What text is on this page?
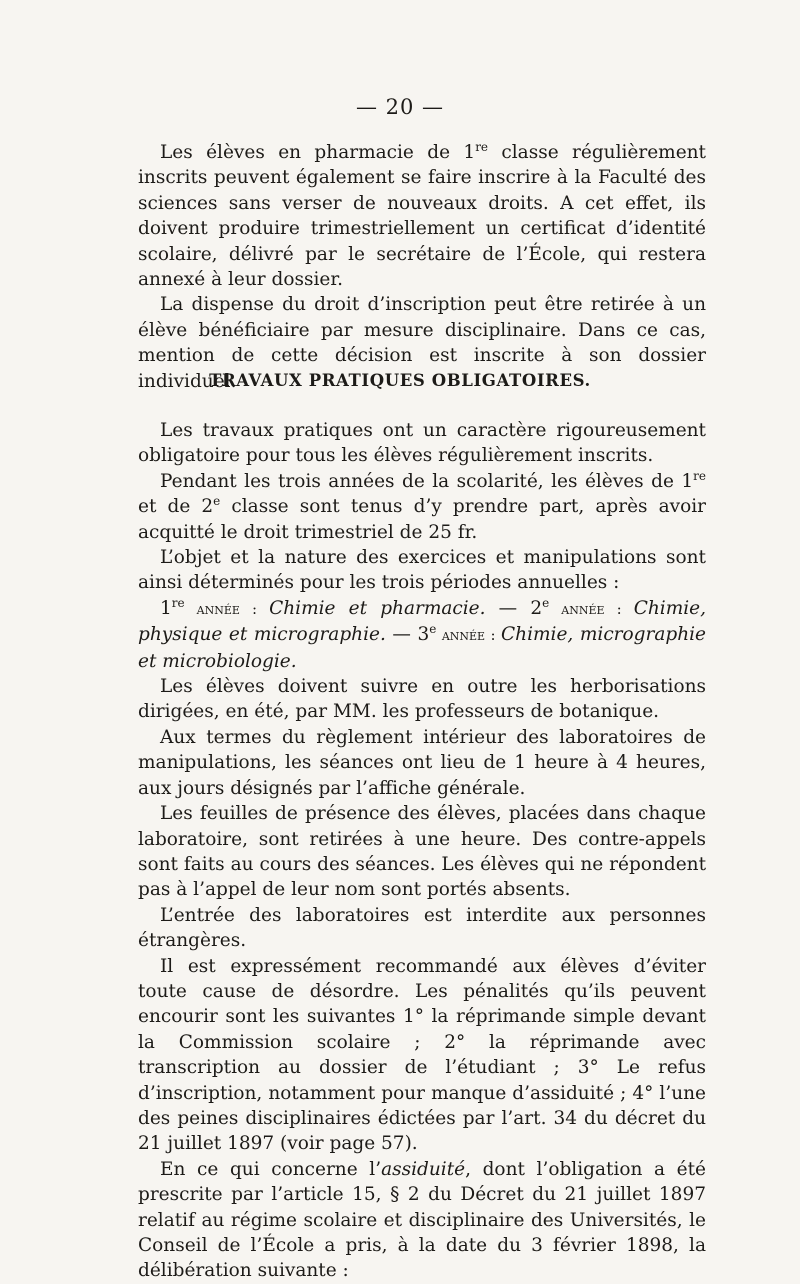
— 20 —

Les élèves en pharmacie de 1re classe régulièrement inscrits peuvent également se faire inscrire à la Faculté des sciences sans verser de nouveaux droits. A cet effet, ils doivent produire trimestriellement un certificat d’identité scolaire, délivré par le secrétaire de l’École, qui restera annexé à leur dossier.

La dispense du droit d’inscription peut être retirée à un élève bénéficiaire par mesure disciplinaire. Dans ce cas, mention de cette décision est inscrite à son dossier individuel.

TRAVAUX PRATIQUES OBLIGATOIRES.

Les travaux pratiques ont un caractère rigoureusement obligatoire pour tous les élèves régulièrement inscrits.

Pendant les trois années de la scolarité, les élèves de 1re et de 2e classe sont tenus d’y prendre part, après avoir acquitté le droit trimestriel de 25 fr.

L’objet et la nature des exercices et manipulations sont ainsi déterminés pour les trois périodes annuelles :

1re année : Chimie et pharmacie. — 2e année : Chimie, physique et micrographie. — 3e année : Chimie, micrographie et microbiologie.

Les élèves doivent suivre en outre les herborisations dirigées, en été, par MM. les professeurs de botanique.

Aux termes du règlement intérieur des laboratoires de manipulations, les séances ont lieu de 1 heure à 4 heures, aux jours désignés par l’affiche générale.

Les feuilles de présence des élèves, placées dans chaque laboratoire, sont retirées à une heure. Des contre-appels sont faits au cours des séances. Les élèves qui ne répondent pas à l’appel de leur nom sont portés absents.

L’entrée des laboratoires est interdite aux personnes étrangères.

Il est expressément recommandé aux élèves d’éviter toute cause de désordre. Les pénalités qu’ils peuvent encourir sont les suivantes 1° la réprimande simple devant la Commission scolaire ; 2° la réprimande avec transcription au dossier de l’étudiant ; 3° Le refus d’inscription, notamment pour manque d’assiduité ; 4° l’une des peines disciplinaires édictées par l’art. 34 du décret du 21 juillet 1897 (voir page 57).

En ce qui concerne l’assiduité, dont l’obligation a été prescrite par l’article 15, § 2 du Décret du 21 juillet 1897 relatif au régime scolaire et disciplinaire des Universités, le Conseil de l’École a pris, à la date du 3 février 1898, la délibération suivante :
